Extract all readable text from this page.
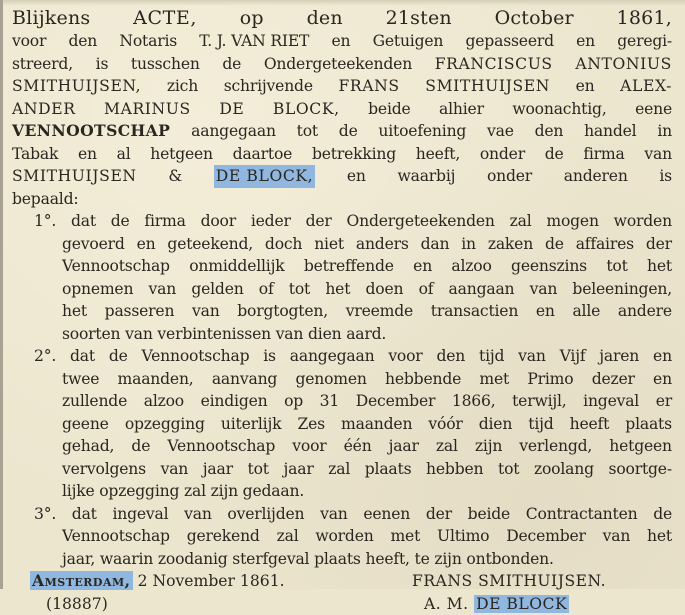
Blijkens ACTE, op den 21sten October 1861,
voor den Notaris T. J. VAN RIET en Getuigen gepasseerd en geregi-
streerd, is tusschen de Ondergeteekenden FRANCISCUS ANTONIUS
SMITHUIJSEN, zich schrijvende FRANS SMITHUIJSEN en ALEX-
ANDER MARINUS DE BLOCK, beide alhier woonachtig, eene
VENNOOTSCHAP aangegaan tot de uitoefening vae den handel in
Tabak en al hetgeen daartoe betrekking heeft, onder de firma van
SMITHUIJSEN & DE BLOCK, en waarbij onder anderen is
bepaald:
1°. dat de firma door ieder der Ondergeteekenden zal mogen worden
gevoerd en geteekend, doch niet anders dan in zaken de affaires der
Vennootschap onmiddellijk betreffende en alzoo geenszins tot het
opnemen van gelden of tot het doen of aangaan van beleeningen,
het passeren van borgtogten, vreemde transactien en alle andere
soorten van verbintenissen van dien aard.
2°. dat de Vennootschap is aangegaan voor den tijd van Vijf jaren en
twee maanden, aanvang genomen hebbende met Primo dezer en
zullende alzoo eindigen op 31 December 1866, terwijl, ingeval er
geene opzegging uiterlijk Zes maanden vóór dien tijd heeft plaats
gehad, de Vennootschap voor één jaar zal zijn verlengd, hetgeen
vervolgens van jaar tot jaar zal plaats hebben tot zoolang soortge-
lijke opzegging zal zijn gedaan.
3°. dat ingeval van overlijden van eenen der beide Contractanten de
Vennootschap gerekend zal worden met Ultimo December van het
jaar, waarin zoodanig sterfgeval plaats heeft, te zijn ontbonden.
Amsterdam, 2 November 1861.	FRANS SMITHUIJSEN.
(18887)	A. M. DE BLOCK
